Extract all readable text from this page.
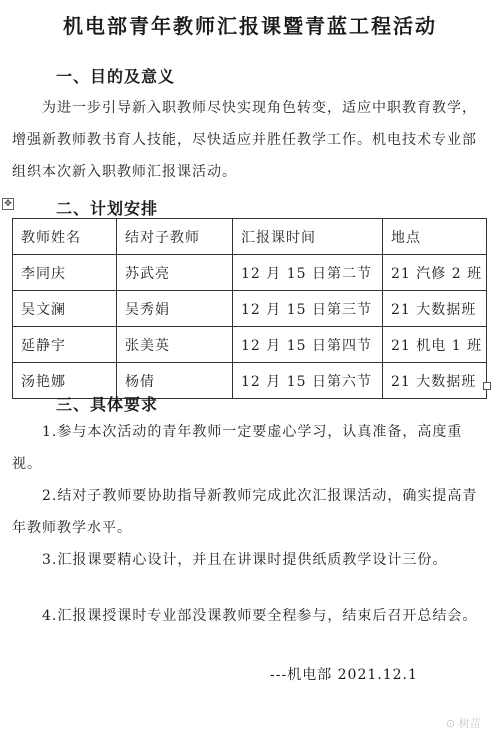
机电部青年教师汇报课暨青蓝工程活动
一、目的及意义
为进一步引导新入职教师尽快实现角色转变，适应中职教育教学，增强新教师教书育人技能，尽快适应并胜任教学工作。机电技术专业部组织本次新入职教师汇报课活动。
✥	二、计划安排
教师姓名	结对子教师	汇报课时间	地点
李同庆	苏武亮	12 月 15 日第二节	21 汽修 2 班
吴文澜	吴秀娟	12 月 15 日第三节	21 大数据班
延静宇	张美英	12 月 15 日第四节	21 机电 1 班
汤艳娜	杨倩	12 月 15 日第六节	21 大数据班
三、具体要求
1.参与本次活动的青年教师一定要虚心学习，认真准备，高度重视。
2.结对子教师要协助指导新教师完成此次汇报课活动，确实提高青年教师教学水平。
3.汇报课要精心设计，并且在讲课时提供纸质教学设计三份。
4.汇报课授课时专业部没课教师要全程参与，结束后召开总结会。
---机电部 2021.12.1
⊙ 树苗
